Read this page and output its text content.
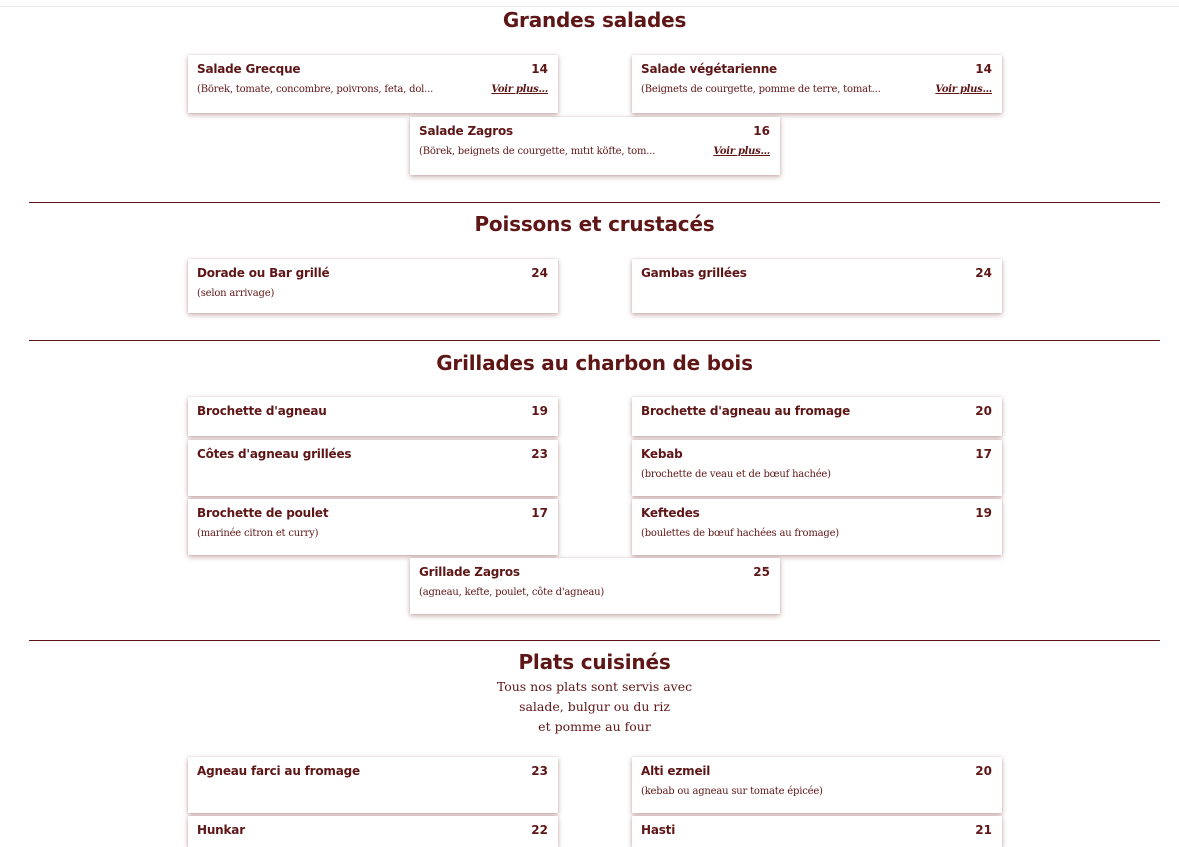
Grandes salades
Salade Grecque	14
(Börek, tomate, concombre, poivrons, feta, dol...	Voir plus...
Salade végétarienne	14
(Beignets de courgette, pomme de terre, tomat...	Voir plus...
Salade Zagros	16
(Börek, beignets de courgette, mıtıt köfte, tom...	Voir plus...
Poissons et crustacés
Dorade ou Bar grillé	24
(selon arrivage)
Gambas grillées	24
Grillades au charbon de bois
Brochette d'agneau	19	Brochette d'agneau au fromage	20
Côtes d'agneau grillées	23	Kebab	17
(brochette de veau et de bœuf hachée)
Brochette de poulet	17
(marinée citron et curry)
Keftedes	19
(boulettes de bœuf hachées au fromage)
Grillade Zagros	25
(agneau, kefte, poulet, côte d'agneau)
Plats cuisinés
Tous nos plats sont servis avec
salade, bulgur ou du riz
et pomme au four
Agneau farci au fromage	23	Alti ezmeil	20
(kebab ou agneau sur tomate épicée)
Hunkar	22	Hasti	21
